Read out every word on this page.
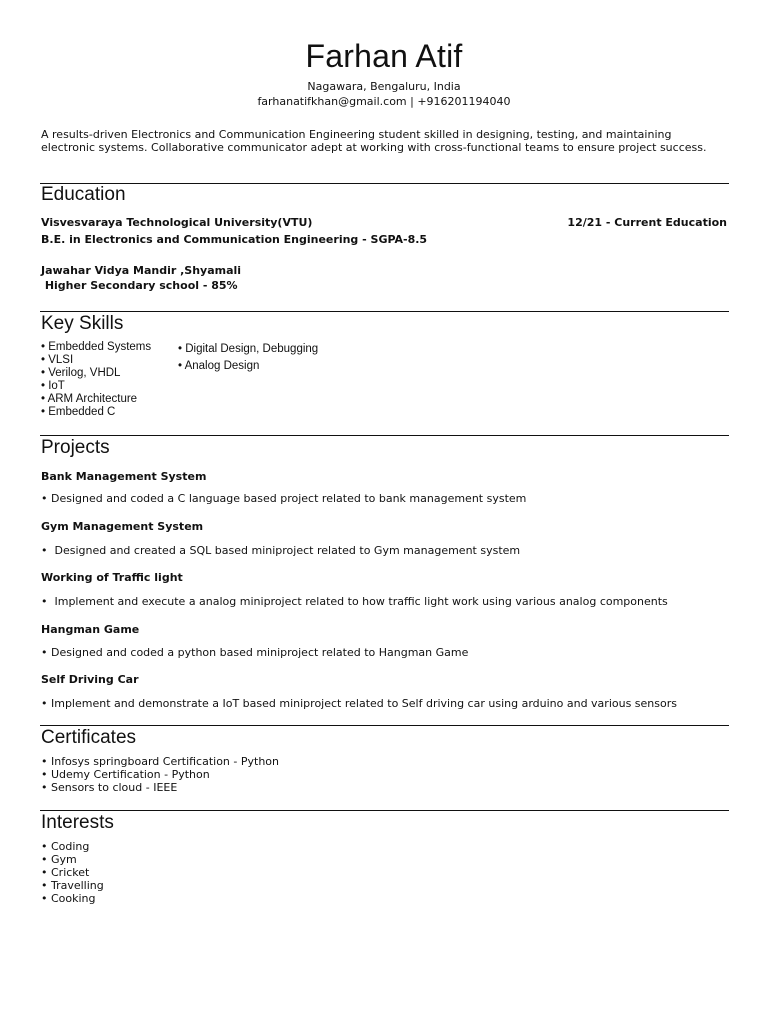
Farhan Atif
Nagawara, Bengaluru, India
farhanatifkhan@gmail.com | +916201194040
A results-driven Electronics and Communication Engineering student skilled in designing, testing, and maintaining electronic systems. Collaborative communicator adept at working with cross-functional teams to ensure project success.
Education
Visvesvaraya Technological University(VTU)	12/21 - Current Education
B.E. in Electronics and Communication Engineering - SGPA-8.5
Jawahar Vidya Mandir ,Shyamali
Higher Secondary school - 85%
Key Skills
• Embedded Systems
• VLSI
• Verilog, VHDL
• IoT
• ARM Architecture
• Embedded C
• Digital Design, Debugging
• Analog Design
Projects
Bank Management System
• Designed and coded a C language based project related to bank management system
Gym Management System
•  Designed and created a SQL based miniproject related to Gym management system
Working of Traffic light
•  Implement and execute a analog miniproject related to how traffic light work using various analog components
Hangman Game
• Designed and coded a python based miniproject related to Hangman Game
Self Driving Car
• Implement and demonstrate a IoT based miniproject related to Self driving car using arduino and various sensors
Certificates
• Infosys springboard Certification - Python
• Udemy Certification - Python
• Sensors to cloud - IEEE
Interests
• Coding
• Gym
• Cricket
• Travelling
• Cooking
